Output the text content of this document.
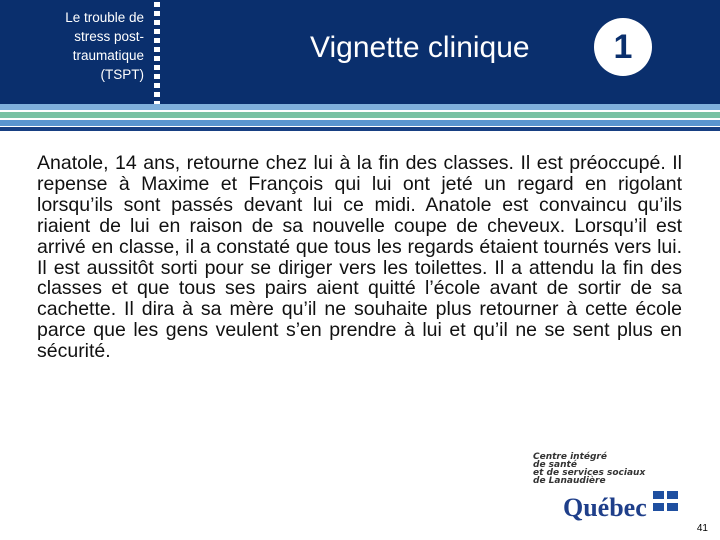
Le trouble de
stress post-
traumatique
(TSPT)
Vignette clinique	1

Anatole, 14 ans, retourne chez lui à la fin des classes. Il est préoccupé. Il repense à Maxime et François qui lui ont jeté un regard en rigolant lorsqu’ils sont passés devant lui ce midi. Anatole est convaincu qu’ils riaient de lui en raison de sa nouvelle coupe de cheveux. Lorsqu’il est arrivé en classe, il a constaté que tous les regards étaient tournés vers lui. Il est aussitôt sorti pour se diriger vers les toilettes. Il a attendu la fin des classes et que tous ses pairs aient quitté l’école avant de sortir de sa cachette. Il dira à sa mère qu’il ne souhaite plus retourner à cette école parce que les gens veulent s’en prendre à lui et qu’il ne se sent plus en sécurité.

Centre intégré
de santé
et de services sociaux
de Lanaudière
Québec
41
